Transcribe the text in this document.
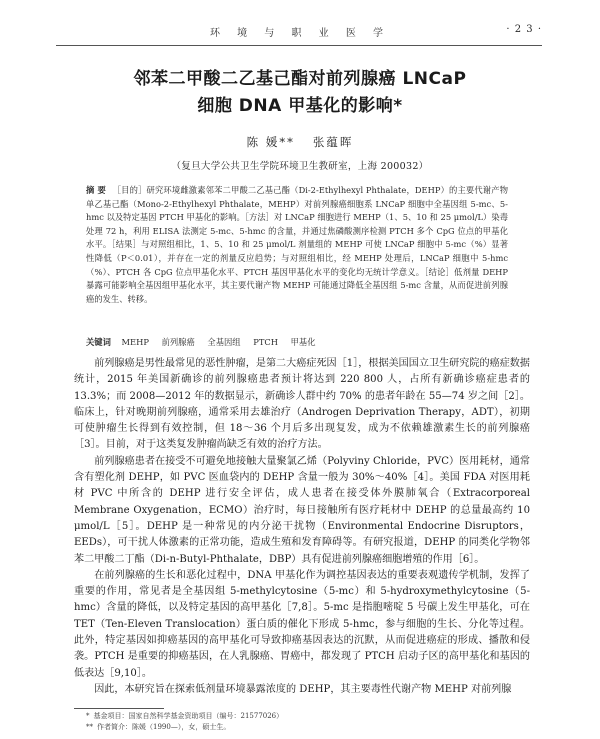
环 境 与 职 业 医 学	· 2 3 ·
邻苯二甲酸二乙基己酯对前列腺癌 LNCaP
细胞 DNA 甲基化的影响*
陈 媛** 张蕴晖
（复旦大学公共卫生学院环境卫生教研室，上海 200032）
摘 要 ［目的］研究环境雌激素邻苯二甲酸二乙基己酯（Di-2-Ethylhexyl Phthalate，DEHP）的主要代谢产物单乙基己酯（Mono-2-Ethylhexyl Phthalate，MEHP）对前列腺癌细胞系 LNCaP 细胞中全基因组 5-mc、5-hmc 以及特定基因 PTCH 甲基化的影响。［方法］对 LNCaP 细胞进行 MEHP（1、5、10 和 25 μmol/L）染毒处理 72 h，利用 ELISA 法测定 5-mc、5-hmc 的含量，并通过焦磷酸测序检测 PTCH 多个 CpG 位点的甲基化水平。［结果］与对照组相比，1、5、10 和 25 μmol/L 剂量组的 MEHP 可使 LNCaP 细胞中 5-mc（%）显著性降低（P＜0.01），并存在一定的剂量反应趋势；与对照组相比，经 MEHP 处理后，LNCaP 细胞中 5-hmc（%）、PTCH 各 CpG 位点甲基化水平、PTCH 基因甲基化水平的变化均无统计学意义。［结论］低剂量 DEHP 暴露可能影响全基因组甲基化水平，其主要代谢产物 MEHP 可能通过降低全基因组 5-mc 含量，从而促进前列腺癌的发生、转移。
关键词 MEHP 前列腺癌 全基因组 PTCH 甲基化

前列腺癌是男性最常见的恶性肿瘤，是第二大癌症死因［1］，根据美国国立卫生研究院的癌症数据统计，2015 年美国新确诊的前列腺癌患者预计将达到 220 800 人，占所有新确诊癌症患者的 13.3%；而 2008—2012 年的数据显示，新确诊人群中约 70% 的患者年龄在 55—74 岁之间［2］。临床上，针对晚期前列腺癌，通常采用去雄治疗（Androgen Deprivation Therapy，ADT），初期可使肿瘤生长得到有效控制，但 18～36 个月后多出现复发，成为不依赖雄激素生长的前列腺癌［3］。目前，对于这类复发肿瘤尚缺乏有效的治疗方法。

前列腺癌患者在接受不可避免地接触大量聚氯乙烯（Polyviny Chloride，PVC）医用耗材，通常含有塑化剂 DEHP，如 PVC 医血袋内的 DEHP 含量一般为 30%～40%［4］。美国 FDA 对医用耗材 PVC 中所含的 DEHP 进行安全评估，成人患者在接受体外膜肺氧合（Extracorporeal Membrane Oxygenation，ECMO）治疗时，每日接触所有医疗耗材中 DEHP 的总量最高约 10 μmol/L［5］。DEHP 是一种常见的内分泌干扰物（Environmental Endocrine Disruptors，EEDs），可干扰人体激素的正常功能，造成生殖和发育障碍等。有研究报道，DEHP 的同类化学物邻苯二甲酸二丁酯（Di-n-Butyl-Phthalate，DBP）具有促进前列腺癌细胞增殖的作用［6］。

在前列腺癌的生长和恶化过程中，DNA 甲基化作为调控基因表达的重要表观遗传学机制，发挥了重要的作用，常见者是全基因组 5-methylcytosine（5-mc）和 5-hydroxymethylcytosine（5-hmc）含量的降低，以及特定基因的高甲基化［7,8］。5-mc 是指胞嘧啶 5 号碳上发生甲基化，可在 TET（Ten-Eleven Translocation）蛋白质的催化下形成 5-hmc，参与细胞的生长、分化等过程。此外，特定基因如抑癌基因的高甲基化可导致抑癌基因表达的沉默，从而促进癌症的形成、播散和侵袭。PTCH 是重要的抑癌基因，在人乳腺癌、胃癌中，都发现了 PTCH 启动子区的高甲基化和基因的低表达［9,10］。

因此，本研究旨在探索低剂量环境暴露浓度的 DEHP，其主要毒性代谢产物 MEHP 对前列腺

* 基金项目：国家自然科学基金资助项目（编号：21577026）
** 作者简介：陈媛（1990—），女，硕士生。
